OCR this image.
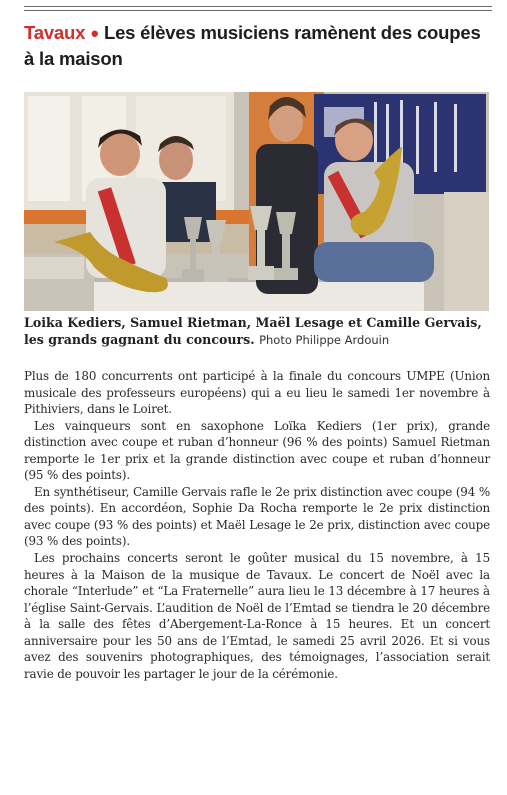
Tavaux ● Les élèves musiciens ramènent des coupes à la maison
Loika Kediers, Samuel Rietman, Maël Lesage et Camille Gervais, les grands gagnant du concours. Photo Philippe Ardouin

Plus de 180 concurrents ont participé à la finale du concours UMPE (Union musicale des professeurs européens) qui a eu lieu le samedi 1er novembre à Pithiviers, dans le Loiret.

Les vainqueurs sont en saxophone Loïka Kediers (1er prix), grande distinction avec coupe et ruban d’honneur (96 % des points) Samuel Rietman remporte le 1er prix et la grande distinction avec coupe et ruban d’honneur (95 % des points).

En synthétiseur, Camille Gervais rafle le 2e prix distinction avec coupe (94 % des points). En accordéon, Sophie Da Rocha remporte le 2e prix distinction avec coupe (93 % des points) et Maël Lesage le 2e prix, distinction avec coupe (93 % des points).

Les prochains concerts seront le goûter musical du 15 novembre, à 15 heures à la Maison de la musique de Tavaux. Le concert de Noël avec la chorale “Interlude” et “La Fraternelle” aura lieu le 13 décembre à 17 heures à l’église Saint-Gervais. L’audition de Noël de l’Emtad se tiendra le 20 décembre à la salle des fêtes d’Abergement-La-Ronce à 15 heures. Et un concert anniversaire pour les 50 ans de l’Emtad, le samedi 25 avril 2026. Et si vous avez des souvenirs photographiques, des témoignages, l’association serait ravie de pouvoir les partager le jour de la cérémonie.
